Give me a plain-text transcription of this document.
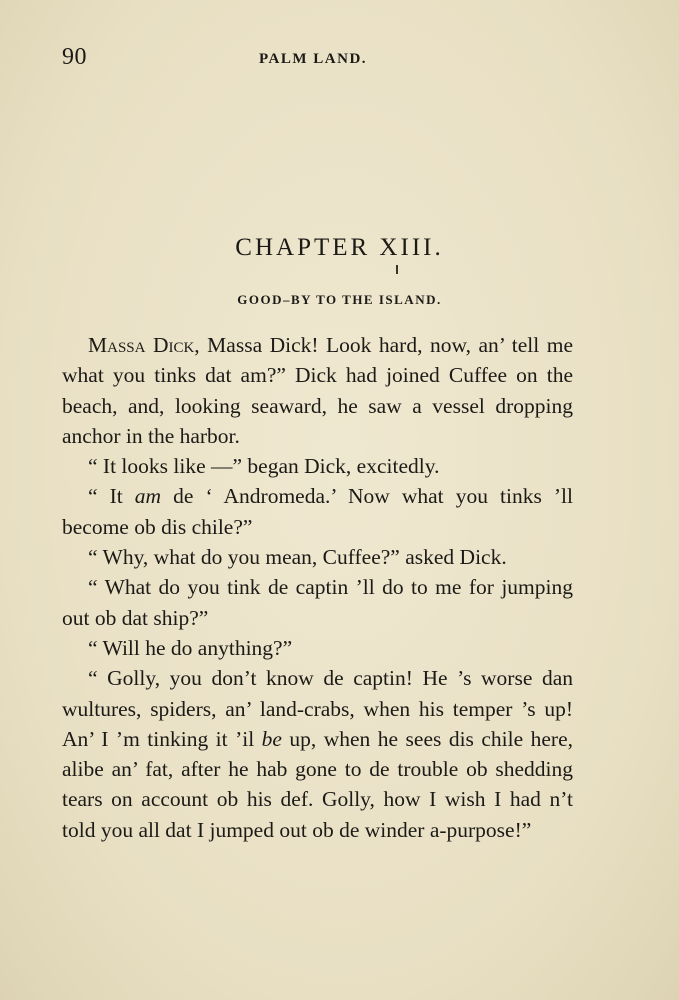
90	PALM LAND.
CHAPTER XIII.
GOOD–BY TO THE ISLAND.

Massa Dick, Massa Dick! Look hard, now, an’ tell me what you tinks dat am?” Dick had joined Cuffee on the beach, and, looking seaward, he saw a vessel dropping anchor in the harbor.

“ It looks like —” began Dick, excitedly.

“ It am de ‘ Andromeda.’ Now what you tinks ’ll become ob dis chile?”

“ Why, what do you mean, Cuffee?” asked Dick.

“ What do you tink de captin ’ll do to me for jumping out ob dat ship?”

“ Will he do anything?”

“ Golly, you don’t know de captin! He ’s worse dan wultures, spiders, an’ land-crabs, when his temper ’s up! An’ I ’m tinking it ’il be up, when he sees dis chile here, alibe an’ fat, after he hab gone to de trouble ob shedding tears on account ob his def. Golly, how I wish I had n’t told you all dat I jumped out ob de winder a-purpose!”
